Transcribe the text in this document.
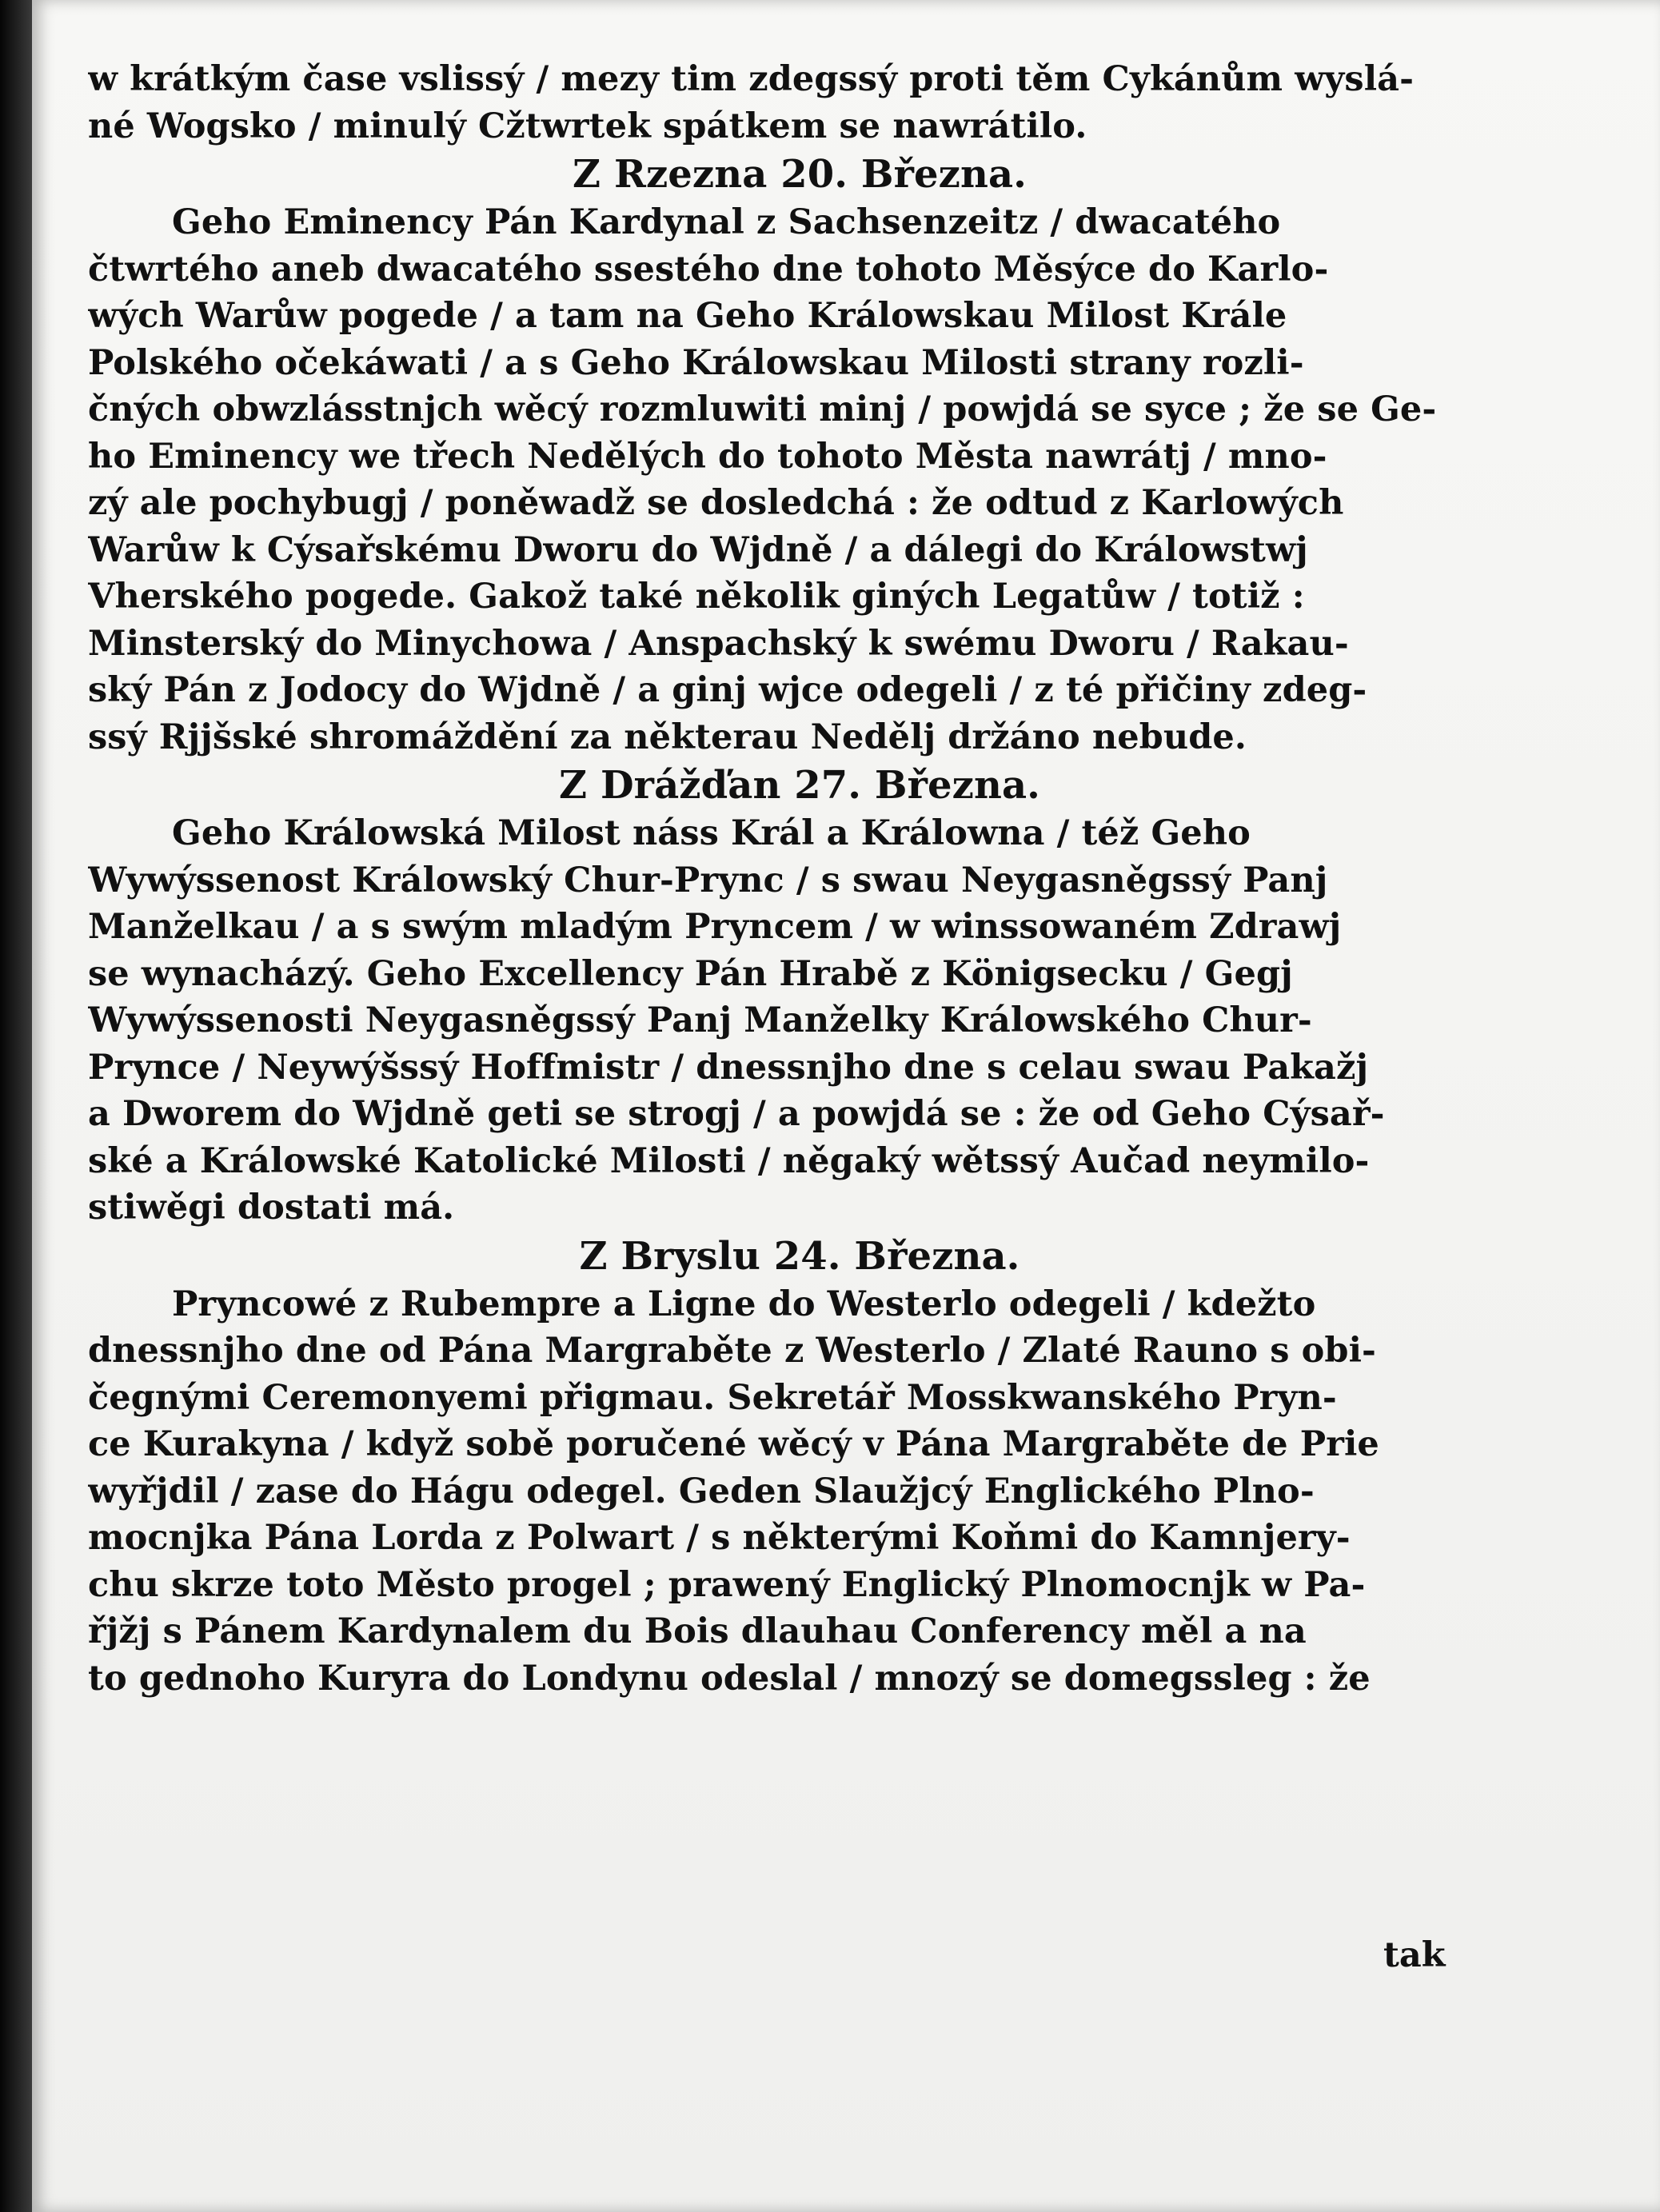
w krátkým čase vslissý / mezy tim zdegssý proti těm Cykánům wyslá-
né Wogsko / minulý Cžtwrtek spátkem se nawrátilo.
Z Rzezna 20. Březnа.
Geho Eminency Pán Kardynal z Sachsenzeitz / dwacatého
čtwrtého aneb dwacatého ssestého dne tohoto Měsýce do Karlo-
wých Warůw pogede / a tam na Geho Králowskau Milost Krále
Polského očekáwati / a s Geho Králowskau Milosti strany rozli-
čných obwzlásstnjch wěcý rozmluwiti minj / powjdá se syce ; že se Ge-
ho Eminency we třech Nedělých do tohoto Města nawrátj / mno-
zý ale pochybugj / poněwadž se dosledchá : že odtud z Karlowých
Warůw k Cýsařskému Dworu do Wjdně / a dálegi do Králowstwj
Vherského pogede. Gakož také několik giných Legatůw / totiž :
Minsterský do Minychowa / Anspachský k swému Dworu / Rakau-
ský Pán z Jodocy do Wjdně / a ginj wjce odegeli / z té přičiny zdeg-
ssý Rjjšské shromáždění za některau Nedělj držáno nebude.
Z Drážďan 27. Března.
Geho Králowská Milost náss Král a Králowna / též Geho
Wywýssenost Králowský Chur-Prync / s swau Neygasněgssý Panj
Manželkau / a s swým mladým Pryncem / w winssowaném Zdrawj
se wynacházý. Geho Excellency Pán Hrabě z Königsecku / Gegj
Wywýssenosti Neygasněgssý Panj Manželky Králowského Chur-
Prynce / Neywýšssý Hoffmistr / dnessnjho dne s celau swau Pakažj
a Dworem do Wjdně geti se strogj / a powjdá se : že od Geho Cýsař-
ské a Králowské Katolické Milosti / něgaký wětssý Aučad neymilo-
stiwěgi dostati má.
Z Bryslu 24. Března.
Pryncowé z Rubempre a Ligne do Westerlo odegeli / kdežto
dnessnjho dne od Pána Margraběte z Westerlo / Zlaté Rauno s obi-
čegnými Ceremonyemi přigmau. Sekretář Mosskwanského Pryn-
ce Kurakyna / když sobě poručené wěcý v Pána Margraběte de Prie
wyřjdil / zase do Hágu odegel. Geden Slaužjcý Englického Plno-
mocnjka Pána Lorda z Polwart / s některými Koňmi do Kamnjery-
chu skrze toto Město progel ; prawený Englický Plnomocnjk w Pa-
řjžj s Pánem Kardynalem du Bois dlauhau Conferency měl a na
to gednoho Kuryra do Londynu odeslal / mnozý se domegssleg : že
tak
